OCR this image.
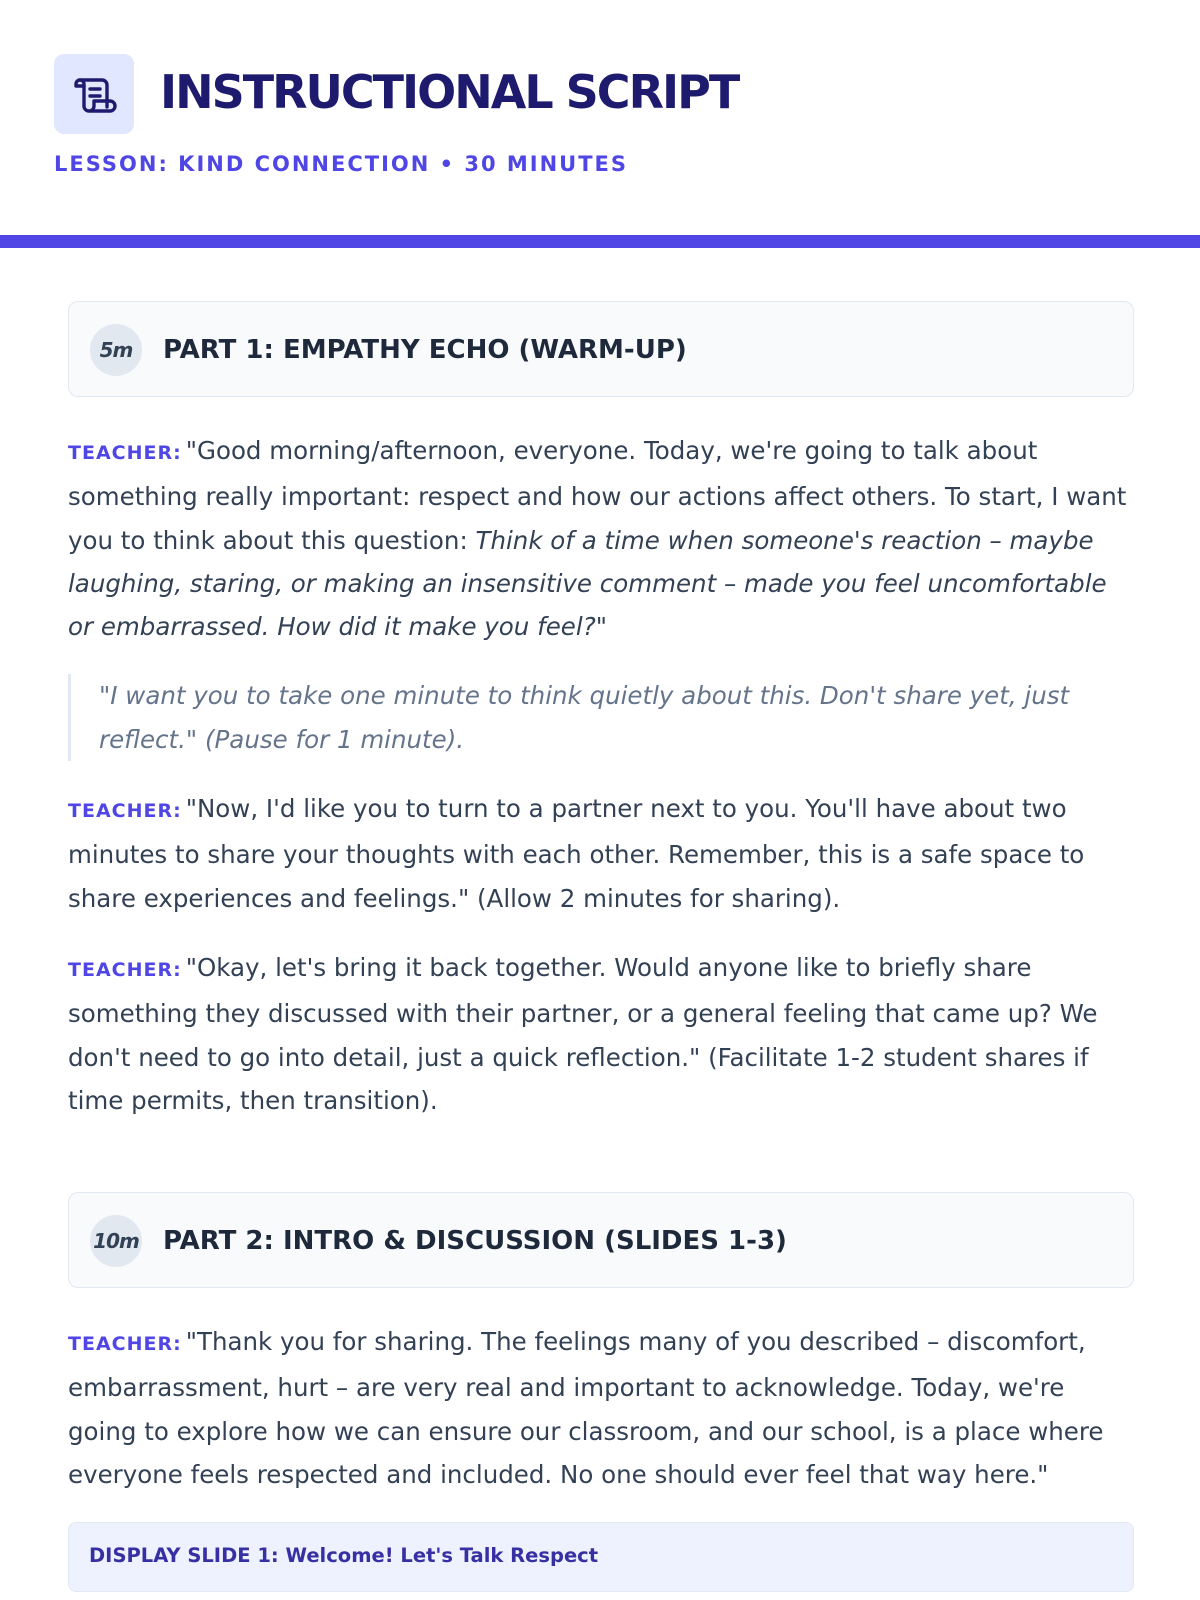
INSTRUCTIONAL SCRIPT
LESSON: KIND CONNECTION • 30 MINUTES
5m	PART 1: EMPATHY ECHO (WARM-UP)

TEACHER: "Good morning/afternoon, everyone. Today, we're going to talk about something really important: respect and how our actions affect others. To start, I want you to think about this question: Think of a time when someone's reaction – maybe laughing, staring, or making an insensitive comment – made you feel uncomfortable or embarrassed. How did it make you feel?"

"I want you to take one minute to think quietly about this. Don't share yet, just reflect." (Pause for 1 minute).

TEACHER: "Now, I'd like you to turn to a partner next to you. You'll have about two minutes to share your thoughts with each other. Remember, this is a safe space to share experiences and feelings." (Allow 2 minutes for sharing).

TEACHER: "Okay, let's bring it back together. Would anyone like to briefly share something they discussed with their partner, or a general feeling that came up? We don't need to go into detail, just a quick reflection." (Facilitate 1-2 student shares if time permits, then transition).

10m PART 2: INTRO & DISCUSSION (SLIDES 1-3)

TEACHER: "Thank you for sharing. The feelings many of you described – discomfort, embarrassment, hurt – are very real and important to acknowledge. Today, we're going to explore how we can ensure our classroom, and our school, is a place where everyone feels respected and included. No one should ever feel that way here."

DISPLAY SLIDE 1: Welcome! Let's Talk Respect
